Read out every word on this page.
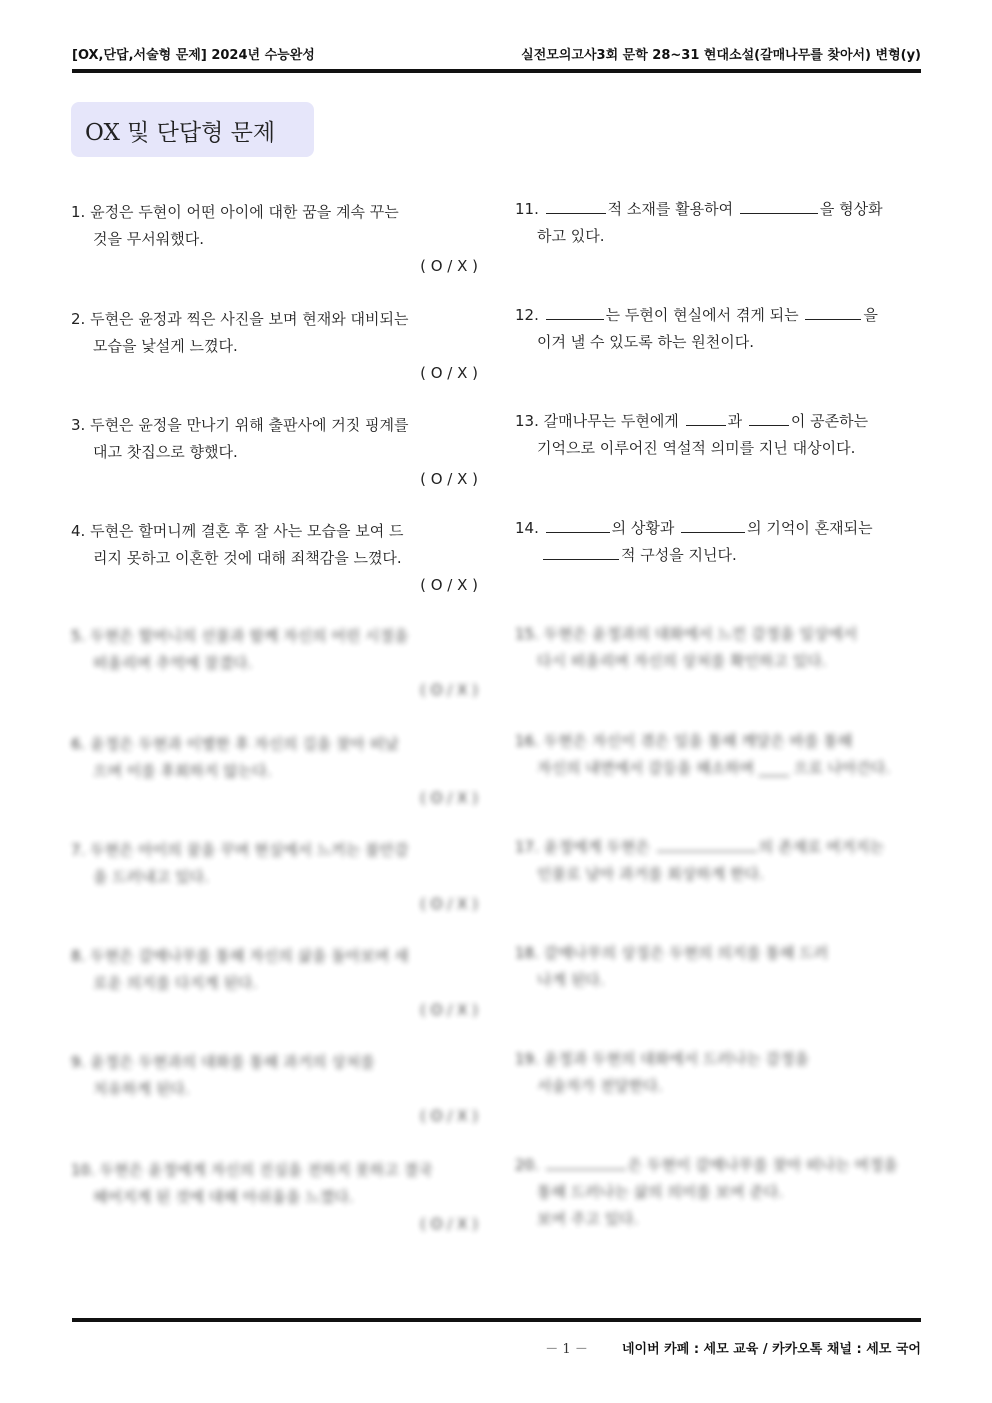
[OX,단답,서술형 문제] 2024년 수능완성	실전모의고사3회 문학 28~31 현대소설(갈매나무를 찾아서) 변형(y)
OX 및 단답형 문제
1. 윤정은 두현이 어떤 아이에 대한 꿈을 계속 꾸는
것을 무서워했다.
( O / X )
2. 두현은 윤정과 찍은 사진을 보며 현재와 대비되는
모습을 낯설게 느꼈다.
( O / X )
3. 두현은 윤정을 만나기 위해 출판사에 거짓 핑계를
대고 찻집으로 향했다.
( O / X )
4. 두현은 할머니께 결혼 후 잘 사는 모습을 보여 드
리지 못하고 이혼한 것에 대해 죄책감을 느꼈다.
( O / X )
5. 두현은 할머니의 선물과 함께 자신의 어린 시절을
떠올리며 추억에 잠겼다.
( O / X )
6. 윤정은 두현과 이별한 후 자신의 길을 찾아 떠났
으며 이를 후회하지 않는다.
( O / X )
7. 두현은 아이의 꿈을 꾸며 현실에서 느끼는 불안감
을 드러내고 있다.
( O / X )
8. 두현은 갈매나무를 통해 자신의 삶을 돌아보며 새
로운 의지를 다지게 된다.
( O / X )
9. 윤정은 두현과의 대화를 통해 과거의 상처를
치유하게 된다.
( O / X )
10. 두현은 윤정에게 자신의 진심을 전하지 못하고 결국
헤어지게 된 것에 대해 아쉬움을 느꼈다.
( O / X )
11.	적 소재를 활용하여	을 형상화
하고 있다.
12.	는 두현이 현실에서 겪게 되는	을
이겨 낼 수 있도록 하는 원천이다.
13. 갈매나무는 두현에게	과	이 공존하는
기억으로 이루어진 역설적 의미를 지닌 대상이다.
14.	의 상황과	의 기억이 혼재되는
적 구성을 지닌다.
15. 두현은 윤정과의 대화에서 느낀 감정을 일상에서
다시 떠올리며 자신의 상처를 확인하고 있다.
16. 두현은 자신이 겪은 일을 통해 깨달은 바를 통해
자신의 내면에서 갈등을 해소하며 ____ 으로 나아간다.
17. 윤정에게 두현은	의 존재로 여겨지는
인물로 남아 과거를 회상하게 한다.
18. 갈매나무의 상징은 두현의 의지를 통해 드러
나게 된다.
19. 윤정과 두현의 대화에서 드러나는 감정을
서술자가 전달한다.
20.	은 두현이 갈매나무를 찾아 떠나는 여정을
통해 드러나는 삶의 의미를 보여 준다.
보여 주고 있다.
－ 1 －	네이버 카페 : 세모 교육 / 카카오톡 채널 : 세모 국어
